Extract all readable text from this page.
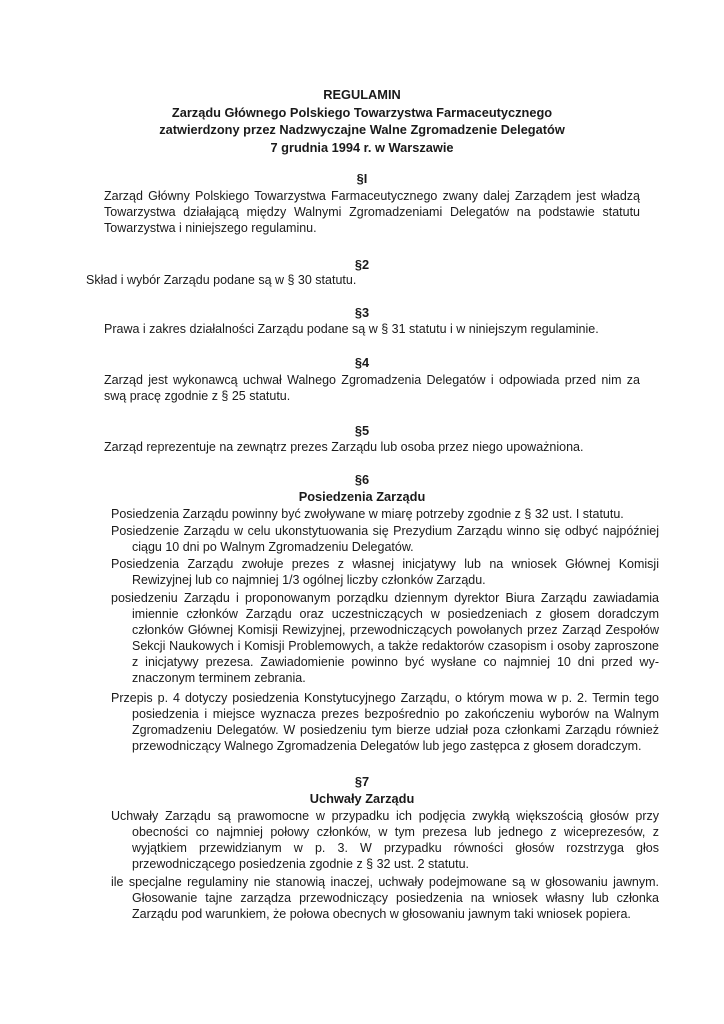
REGULAMIN
Zarządu Głównego Polskiego Towarzystwa Farmaceutycznego
zatwierdzony przez Nadzwyczajne Walne Zgromadzenie Delegatów
7 grudnia 1994 r. w Warszawie
§I
Zarząd Główny Polskiego Towarzystwa Farmaceutycznego zwany dalej Zarządem jest władzą Towarzystwa działającą między Walnymi Zgromadzeniami Delegatów na podstawie statutu Towarzystwa i niniejszego regulaminu.
§2
Skład i wybór Zarządu podane są w § 30 statutu.
§3
Prawa i zakres działalności Zarządu podane są w § 31 statutu i w niniejszym regulaminie.
§4
Zarząd jest wykonawcą uchwał Walnego Zgromadzenia Delegatów i odpowiada przed nim za swą pracę zgodnie z § 25 statutu.
§5
Zarząd reprezentuje na zewnątrz prezes Zarządu lub osoba przez niego upoważniona.
§6
Posiedzenia Zarządu
Posiedzenia Zarządu powinny być zwoływane w miarę potrzeby zgodnie z § 32 ust. I statutu.
Posiedzenie Zarządu w celu ukonstytuowania się Prezydium Zarządu winno się odbyć najpóźniej ciągu 10 dni po Walnym Zgromadzeniu Delegatów.
Posiedzenia Zarządu zwołuje prezes z własnej inicjatywy lub na wniosek Głównej Komisji Rewizyjnej lub co najmniej 1/3 ogólnej liczby członków Zarządu.
posiedzeniu Zarządu i proponowanym porządku dziennym dyrektor Biura Zarządu zawiadamia imiennie członków Zarządu oraz uczestniczących w posiedzeniach z głosem doradczym członków Głównej Komisji Rewizyjnej, przewodniczących powołanych przez Zarząd Zespołów Sekcji Naukowych i Komisji Problemowych, a także redaktorów czasopism i osoby zaproszone z inicjatywy prezesa. Zawiadomienie powinno być wysłane co najmniej 10 dni przed wy-znaczonym terminem zebrania.
Przepis p. 4 dotyczy posiedzenia Konstytucyjnego Zarządu, o którym mowa w p. 2. Termin tego posiedzenia i miejsce wyznacza prezes bezpośrednio po zakończeniu wyborów na Walnym Zgromadzeniu Delegatów. W posiedzeniu tym bierze udział poza członkami Zarządu również przewodniczący Walnego Zgromadzenia Delegatów lub jego zastępca z głosem doradczym.
§7
Uchwały Zarządu
Uchwały Zarządu są prawomocne w przypadku ich podjęcia zwykłą większością głosów przy obecności co najmniej połowy członków, w tym prezesa lub jednego z wiceprezesów, z wyjątkiem przewidzianym w p. 3. W przypadku równości głosów rozstrzyga głos przewodniczącego posiedzenia zgodnie z § 32 ust. 2 statutu.
ile specjalne regulaminy nie stanowią inaczej, uchwały podejmowane są w głosowaniu jawnym. Głosowanie tajne zarządza przewodniczący posiedzenia na wniosek własny lub członka Zarządu pod warunkiem, że połowa obecnych w głosowaniu jawnym taki wniosek popiera.
